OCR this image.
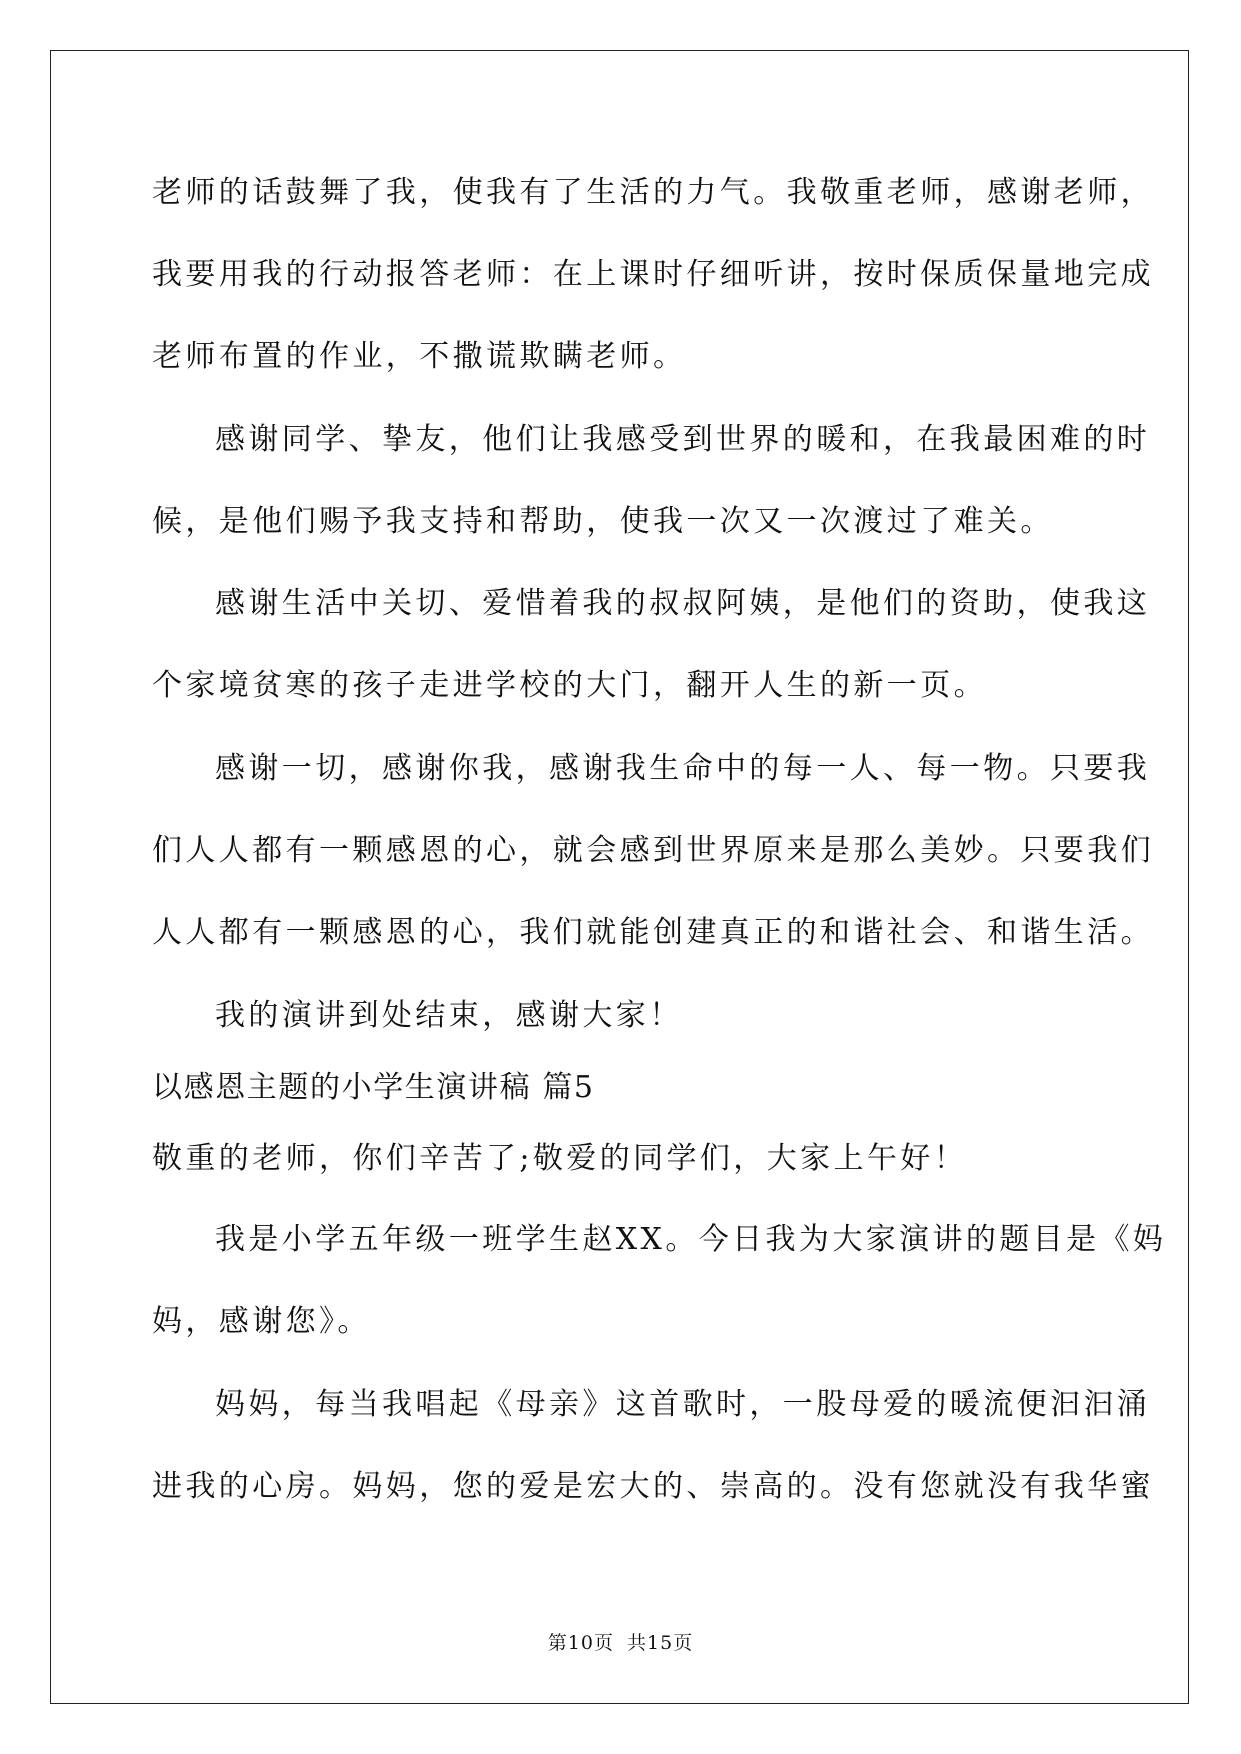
老师的话鼓舞了我，使我有了生活的力气。我敬重老师，感谢老师，
我要用我的行动报答老师：在上课时仔细听讲，按时保质保量地完成
老师布置的作业，不撒谎欺瞒老师。
感谢同学、挚友，他们让我感受到世界的暖和，在我最困难的时
候，是他们赐予我支持和帮助，使我一次又一次渡过了难关。
感谢生活中关切、爱惜着我的叔叔阿姨，是他们的资助，使我这
个家境贫寒的孩子走进学校的大门，翻开人生的新一页。
感谢一切，感谢你我，感谢我生命中的每一人、每一物。只要我
们人人都有一颗感恩的心，就会感到世界原来是那么美妙。只要我们
人人都有一颗感恩的心，我们就能创建真正的和谐社会、和谐生活。
我的演讲到处结束，感谢大家！
以感恩主题的小学生演讲稿 篇5
敬重的老师，你们辛苦了;敬爱的同学们，大家上午好！
我是小学五年级一班学生赵XX。今日我为大家演讲的题目是《妈
妈，感谢您》。
妈妈，每当我唱起《母亲》这首歌时，一股母爱的暖流便汩汩涌
进我的心房。妈妈，您的爱是宏大的、崇高的。没有您就没有我华蜜
第10页 共15页
